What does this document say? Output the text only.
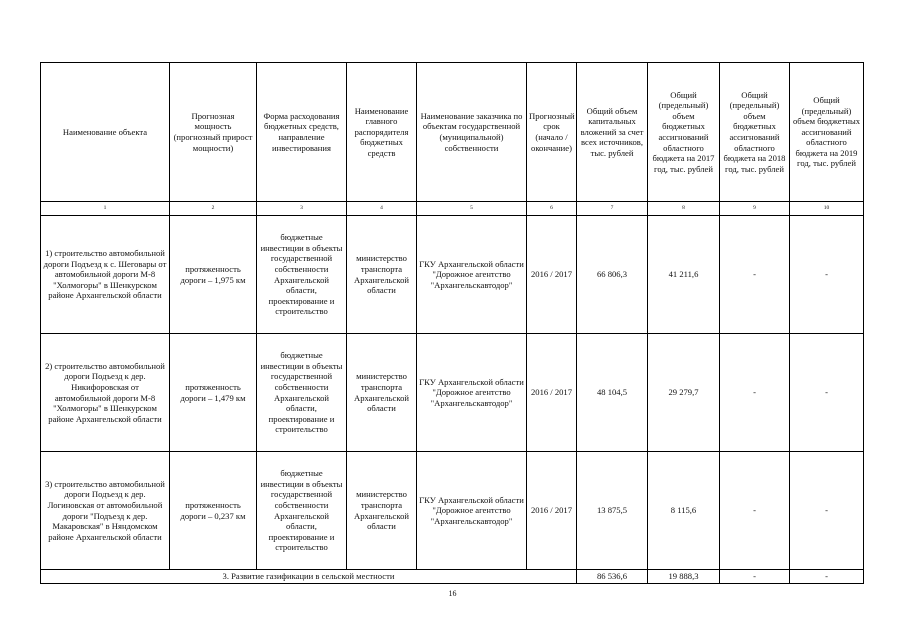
Наименование объекта	Прогнозная мощность (прогнозный прирост мощности)	Форма расходования бюджетных средств, направление инвестирования	Наименование главного распорядителя бюджетных средств	Наименование заказчика по объектам государственной (муниципальной) собственности	Прогнозный срок (начало / окончание)	Общий объем капитальных вложений за счет всех источников, тыс. рублей	Общий (предельный) объем бюджетных ассигнований областного бюджета на 2017 год, тыс. рублей	Общий (предельный) объем бюджетных ассигнований областного бюджета на 2018 год, тыс. рублей	Общий (предельный) объем бюджетных ассигнований областного бюджета на 2019 год, тыс. рублей
1	2	3	4	5	6	7	8	9	10
1) строительство автомобильной дороги Подъезд к с. Шеговары от автомобильной дороги М-8 "Холмогоры" в Шенкурском районе Архангельской области	протяженность дороги – 1,975 км	бюджетные инвестиции в объекты государственной собственности Архангельской области, проектирование и строительство	министерство транспорта Архангельской области	ГКУ Архангельской области "Дорожное агентство "Архангельскавтодор"	2016 / 2017	66 806,3	41 211,6	-	-
2) строительство автомобильной дороги Подъезд к дер. Никифоровская от автомобильной дороги М-8 "Холмогоры" в Шенкурском районе Архангельской области	протяженность дороги – 1,479 км	бюджетные инвестиции в объекты государственной собственности Архангельской области, проектирование и строительство	министерство транспорта Архангельской области	ГКУ Архангельской области "Дорожное агентство "Архангельскавтодор"	2016 / 2017	48 104,5	29 279,7	-	-
3) строительство автомобильной дороги Подъезд к дер. Логиновская от автомобильной дороги "Подъезд к дер. Макаровская" в Няндомском районе Архангельской области	протяженность дороги – 0,237 км	бюджетные инвестиции в объекты государственной собственности Архангельской области, проектирование и строительство	министерство транспорта Архангельской области	ГКУ Архангельской области "Дорожное агентство "Архангельскавтодор"	2016 / 2017	13 875,5	8 115,6	-	-
3. Развитие газификации в сельской местности						86 536,6	19 888,3	-	-
16
